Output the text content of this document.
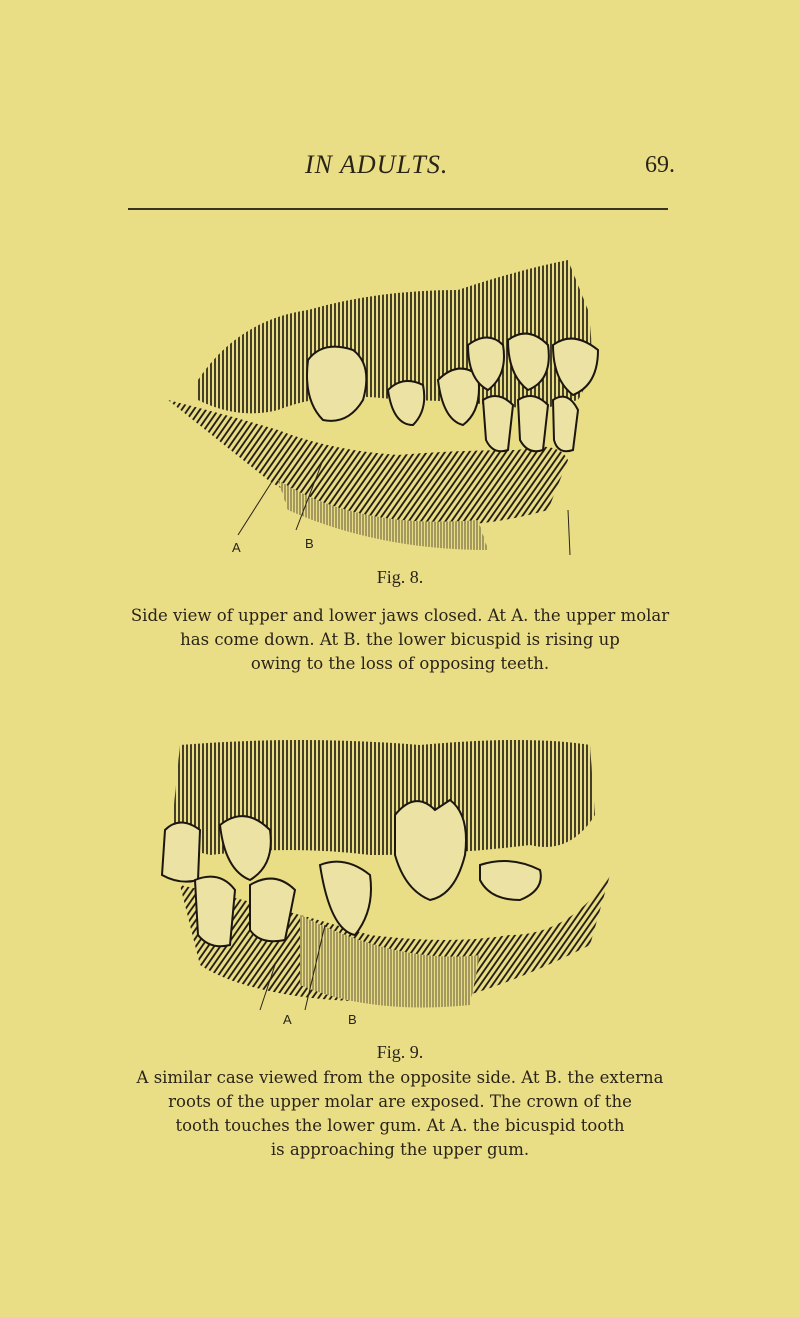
IN ADULTS.	69.
A	B
Fig. 8.
Side view of upper and lower jaws closed. At A. the upper molar
has come down. At B. the lower bicuspid is rising up
owing to the loss of opposing teeth.
A	B
Fig. 9.
A similar case viewed from the opposite side. At B. the externa
roots of the upper molar are exposed. The crown of the
tooth touches the lower gum. At A. the bicuspid tooth
is approaching the upper gum.
